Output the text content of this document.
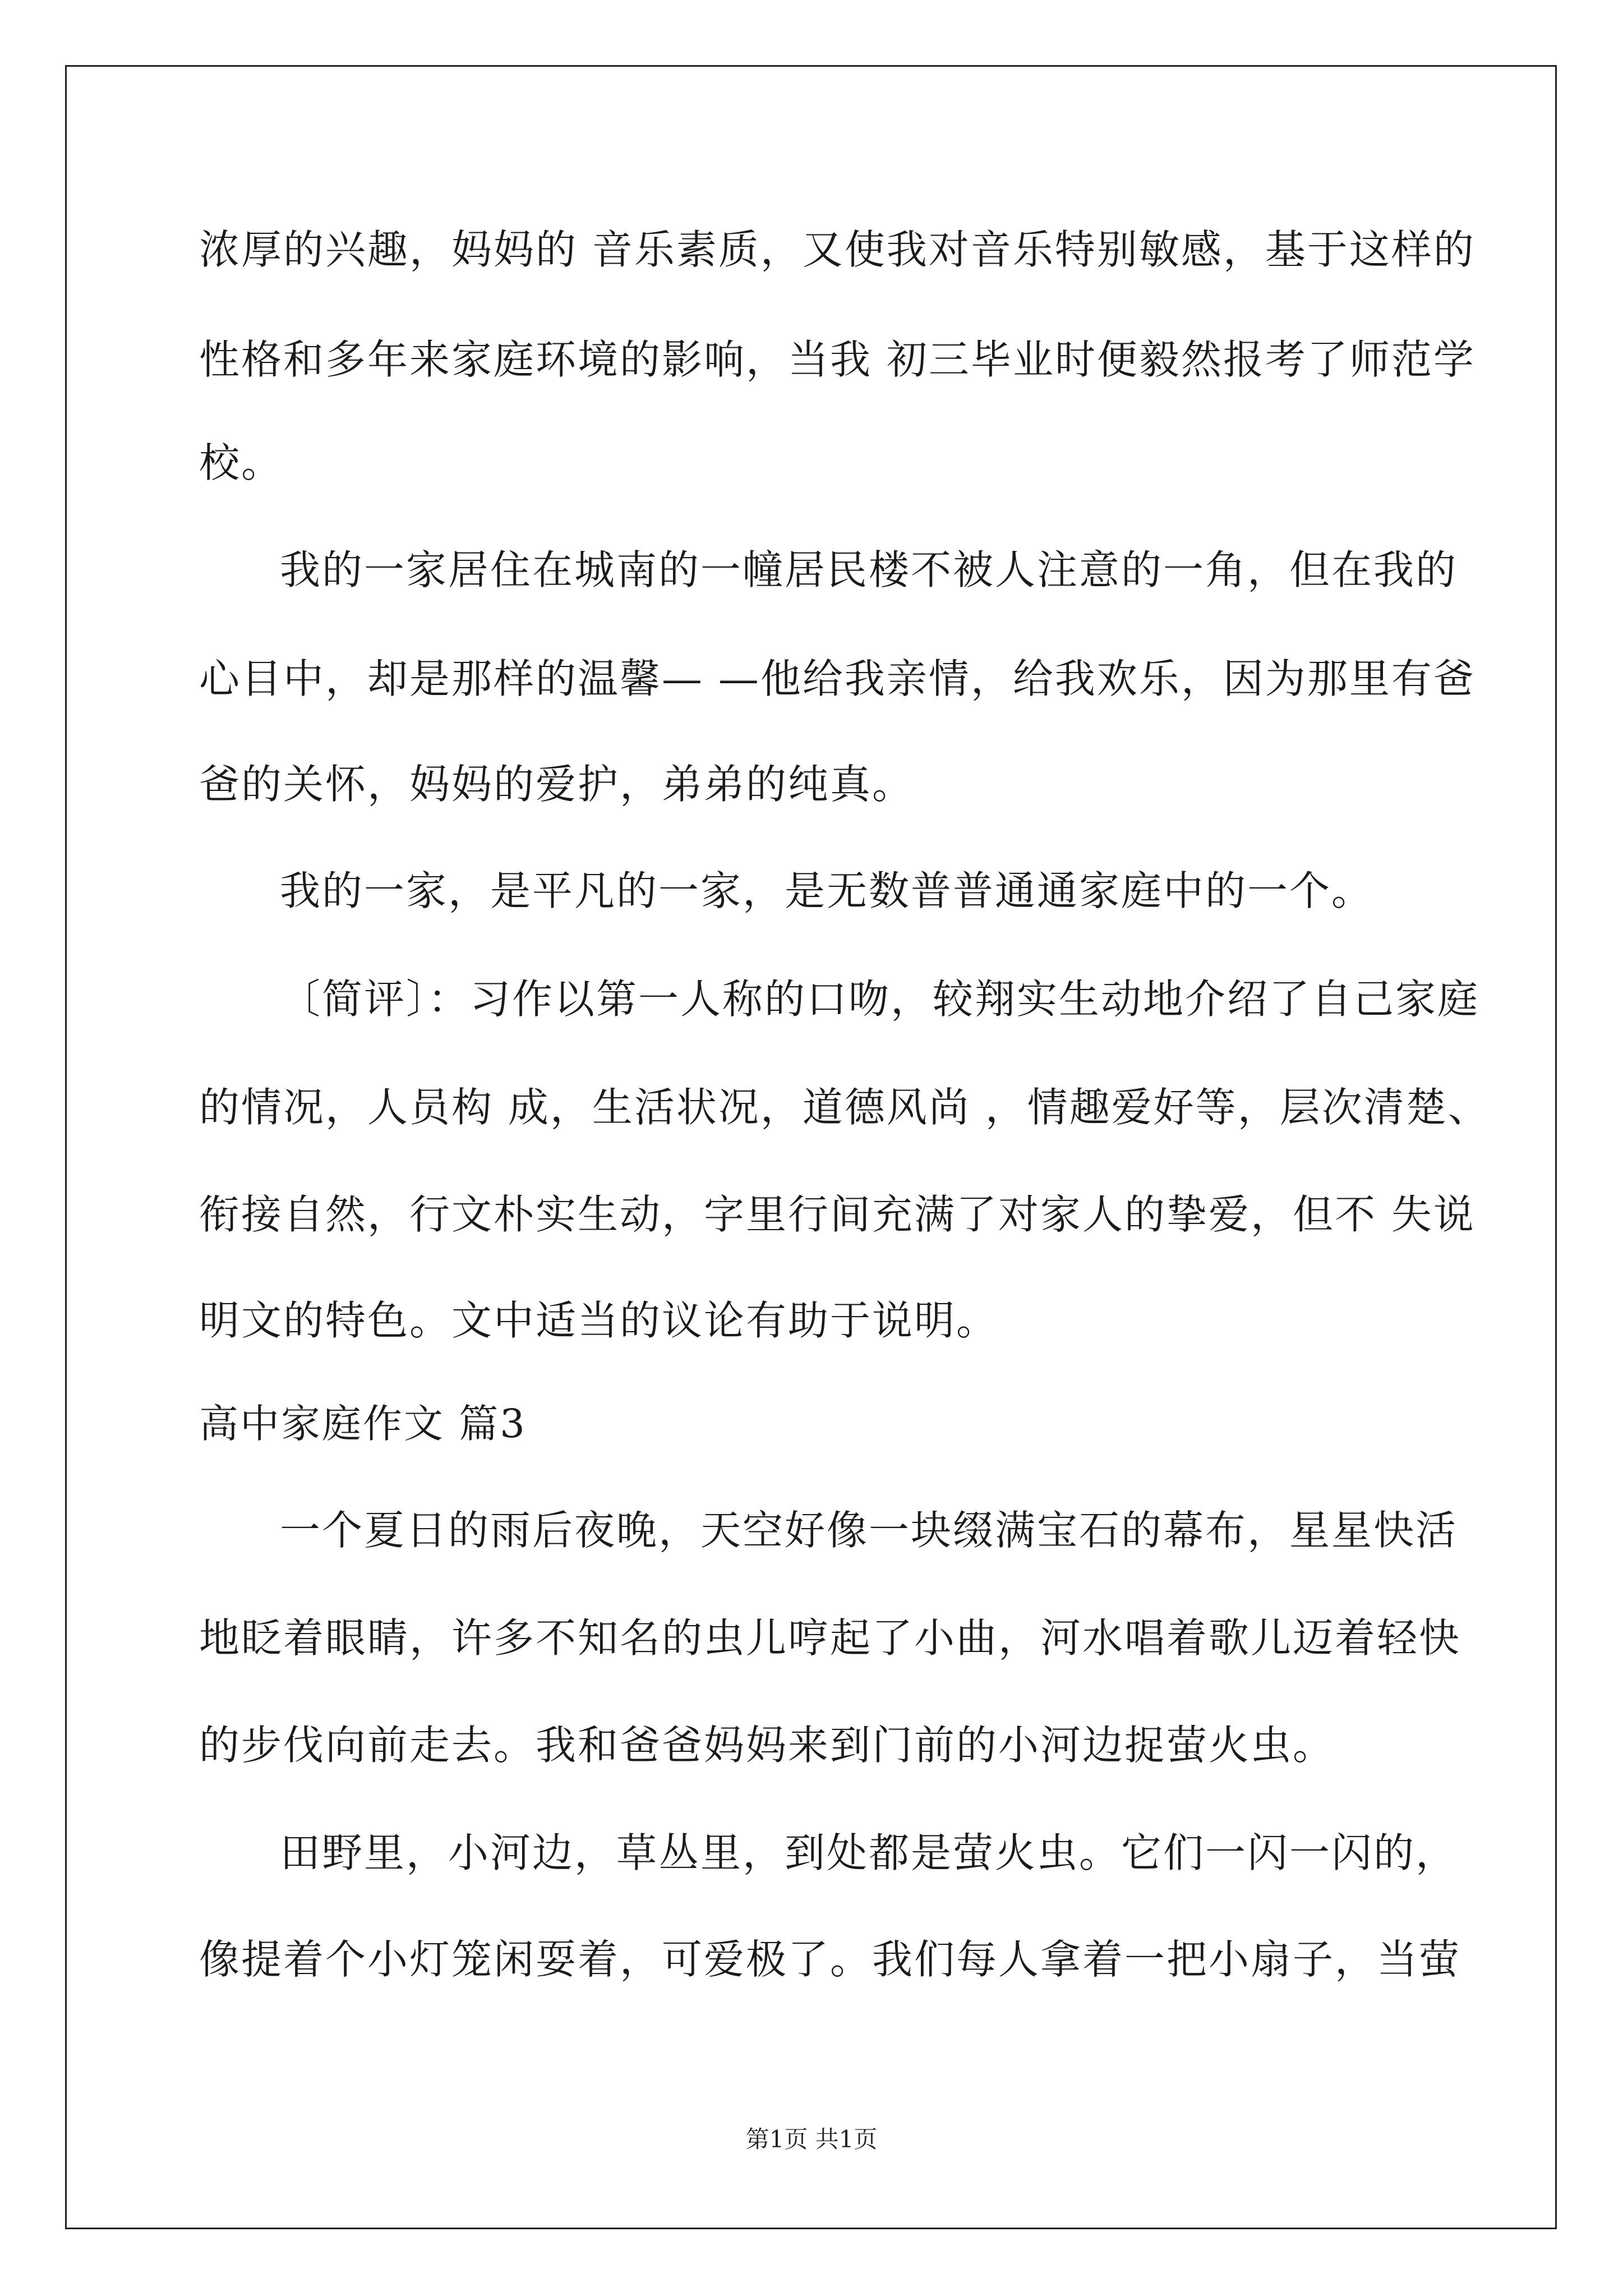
浓厚的兴趣，妈妈的 音乐素质，又使我对音乐特别敏感，基于这样的
性格和多年来家庭环境的影响，当我 初三毕业时便毅然报考了师范学
校。
我的一家居住在城南的一幢居民楼不被人注意的一角，但在我的
心目中，却是那样的温馨— —他给我亲情，给我欢乐，因为那里有爸
爸的关怀，妈妈的爱护，弟弟的纯真。
我的一家，是平凡的一家，是无数普普通通家庭中的一个。
〔简评〕：习作以第一人称的口吻，较翔实生动地介绍了自己家庭
的情况，人员构 成，生活状况，道德风尚 ，情趣爱好等，层次清楚、
衔接自然，行文朴实生动，字里行间充满了对家人的挚爱，但不 失说
明文的特色。文中适当的议论有助于说明。
高中家庭作文 篇3
一个夏日的雨后夜晚，天空好像一块缀满宝石的幕布，星星快活
地眨着眼睛，许多不知名的虫儿哼起了小曲，河水唱着歌儿迈着轻快
的步伐向前走去。我和爸爸妈妈来到门前的小河边捉萤火虫。
田野里，小河边，草丛里，到处都是萤火虫。它们一闪一闪的，
像提着个小灯笼闲耍着，可爱极了。我们每人拿着一把小扇子，当萤
第1页 共1页
